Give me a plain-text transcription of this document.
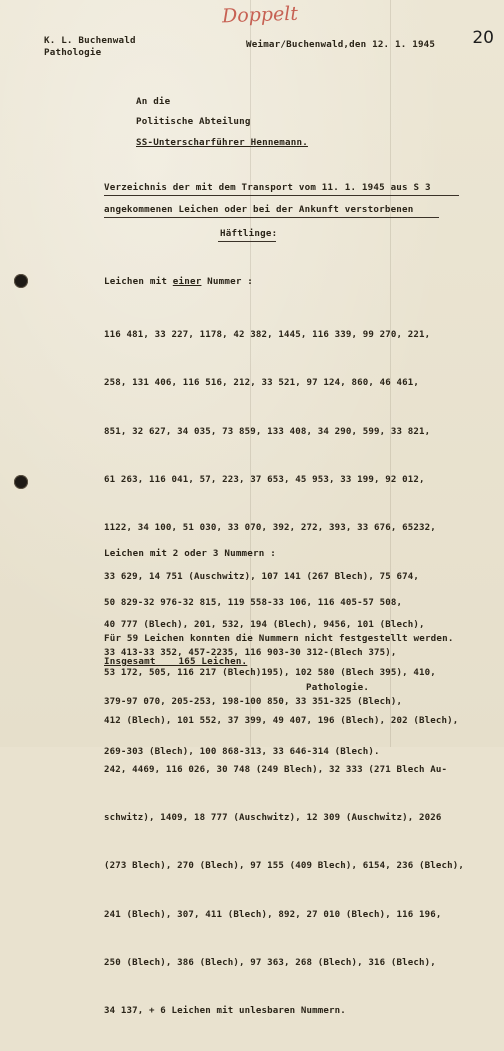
Doppelt
20
K. L. Buchenwald
Pathologie
Weimar/Buchenwald,den 12. 1. 1945
An die
Politische Abteilung
SS-Unterscharführer Hennemann.
Verzeichnis der mit dem Transport vom 11. 1. 1945 aus S 3
angekommenen Leichen oder bei der Ankunft verstorbenen
Häftlinge:
Leichen mit einer Nummer :

116 481, 33 227, 1178, 42 382, 1445, 116 339, 99 270, 221,

258, 131 406, 116 516, 212, 33 521, 97 124, 860, 46 461,

851, 32 627, 34 035, 73 859, 133 408, 34 290, 599, 33 821,

61 263, 116 041, 57, 223, 37 653, 45 953, 33 199, 92 012,

1122, 34 100, 51 030, 33 070, 392, 272, 393, 33 676, 65232,

33 629, 14 751 (Auschwitz), 107 141 (267 Blech), 75 674,

40 777 (Blech), 201, 532, 194 (Blech), 9456, 101 (Blech),

53 172, 505, 116 217 (Blech)195), 102 580 (Blech 395), 410,

412 (Blech), 101 552, 37 399, 49 407, 196 (Blech), 202 (Blech),

242, 4469, 116 026, 30 748 (249 Blech), 32 333 (271 Blech Au-

schwitz), 1409, 18 777 (Auschwitz), 12 309 (Auschwitz), 2026

(273 Blech), 270 (Blech), 97 155 (409 Blech), 6154, 236 (Blech),

241 (Blech), 307, 411 (Blech), 892, 27 010 (Blech), 116 196,

250 (Blech), 386 (Blech), 97 363, 268 (Blech), 316 (Blech),

34 137, + 6 Leichen mit unlesbaren Nummern.

Leichen mit 2 oder 3 Nummern :

50 829-32 976-32 815, 119 558-33 106, 116 405-57 508,

33 413-33 352, 457-2235, 116 903-30 312-(Blech 375),

379-97 070, 205-253, 198-100 850, 33 351-325 (Blech),

269-303 (Blech), 100 868-313, 33 646-314 (Blech).

Für 59 Leichen konnten die Nummern nicht festgestellt werden.
Insgesamt    165 Leichen.
Pathologie.
